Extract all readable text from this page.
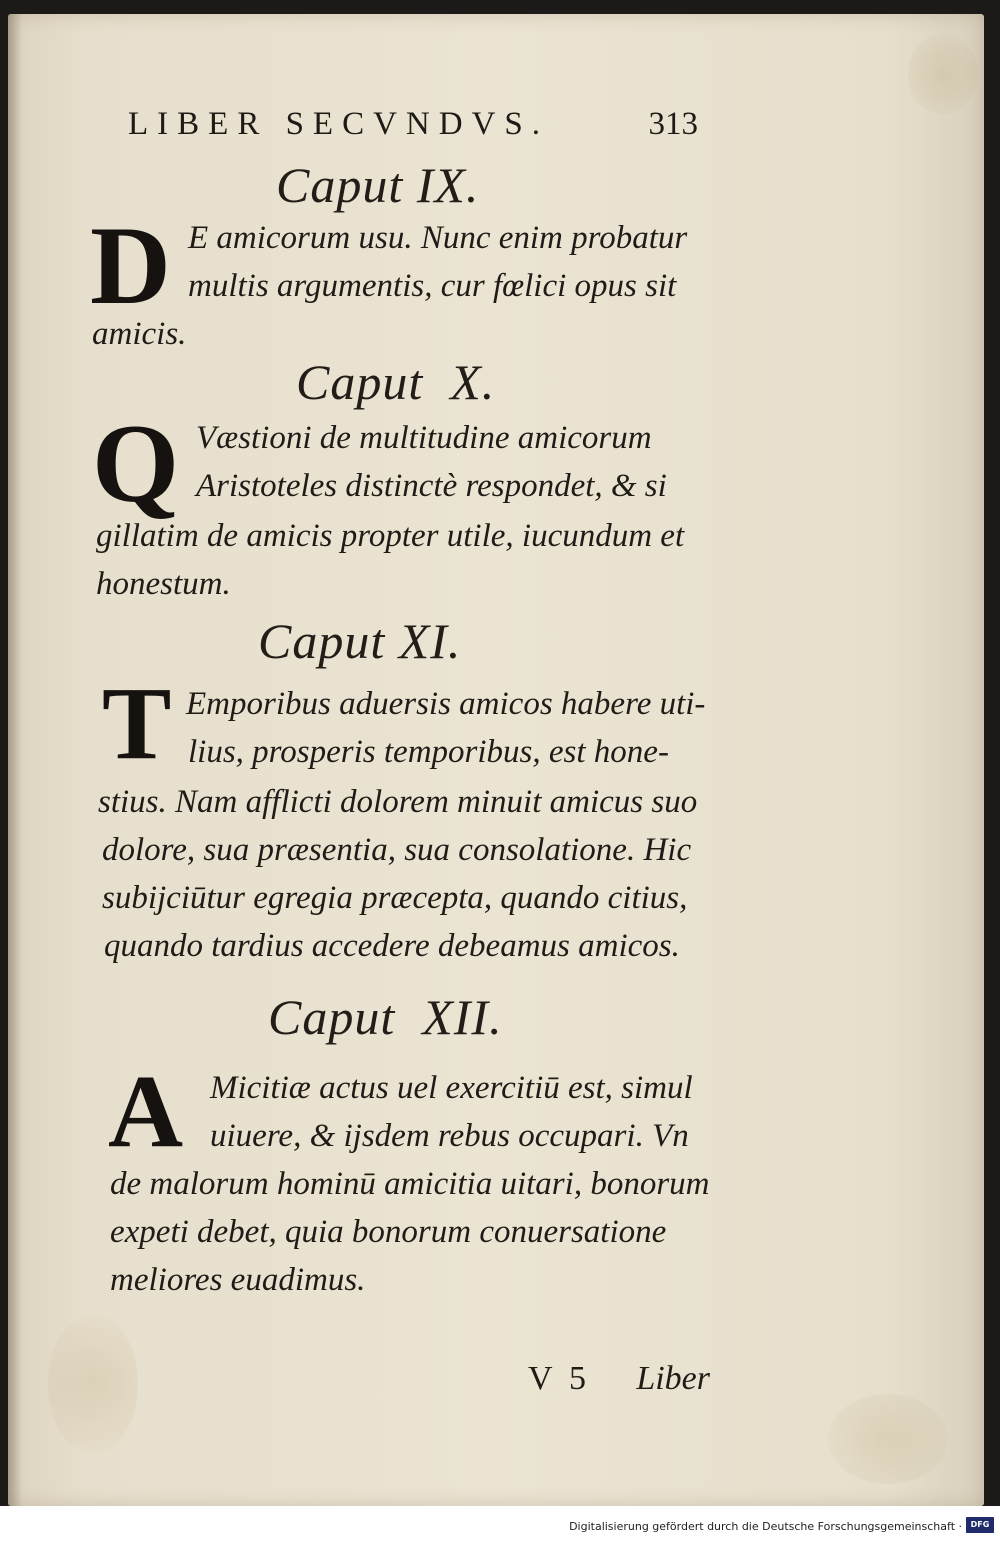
LIBER SECVNDVS.	313
Caput IX.
D E amicorum usu. Nunc enim probatur
multis argumentis, cur fœlici opus sit
amicis.
Caput  X.
Q Væstioni de multitudine amicorum
Aristoteles distinctè respondet, & si
gillatim de amicis propter utile, iucundum et
honestum.
Caput XI.
T Emporibus aduersis amicos habere uti-
lius, prosperis temporibus, est hone-
stius. Nam afflicti dolorem minuit amicus suo
dolore, sua præsentia, sua consolatione. Hic
subijciūtur egregia præcepta, quando citius,
quando tardius accedere debeamus amicos.
Caput  XII.
A Micitiæ actus uel exercitiū est, simul
uiuere, & ijsdem rebus occupari. Vn
de malorum hominū amicitia uitari, bonorum
expeti debet, quia bonorum conuersatione
meliores euadimus.
V  5 Liber
Digitalisierung gefördert durch die Deutsche Forschungsgemeinschaft ·	DFG
